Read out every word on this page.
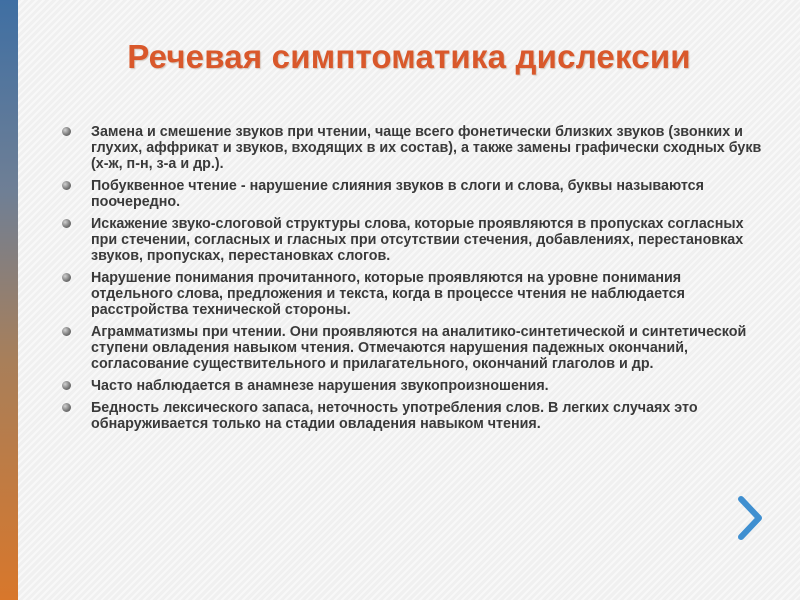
Речевая симптоматика дислексии
Замена и смешение звуков при чтении, чаще всего фонетически близких звуков (звонких и глухих, аффрикат и звуков, входящих в их состав), а также замены графически сходных букв (х-ж, п-н, з-а и др.).
Побуквенное чтение - нарушение слияния звуков в слоги и слова, буквы называются поочередно.
Искажение звуко-слоговой структуры слова, которые проявляются в пропусках согласных при стечении, согласных и гласных при отсутствии стечения, добавлениях, перестановках звуков, пропусках, перестановках слогов.
Нарушение понимания прочитанного, которые проявляются на уровне понимания отдельного слова, предложения и текста, когда в процессе чтения не наблюдается расстройства технической стороны.
Аграмматизмы при чтении. Они проявляются на аналитико-синтетической и синтетической ступени овладения навыком чтения. Отмечаются нарушения падежных окончаний, согласование существительного и прилагательного, окончаний глаголов и др.
Часто наблюдается в анамнезе нарушения звукопроизношения.
Бедность лексического запаса, неточность употребления слов. В легких случаях это обнаруживается только на стадии овладения навыком чтения.
